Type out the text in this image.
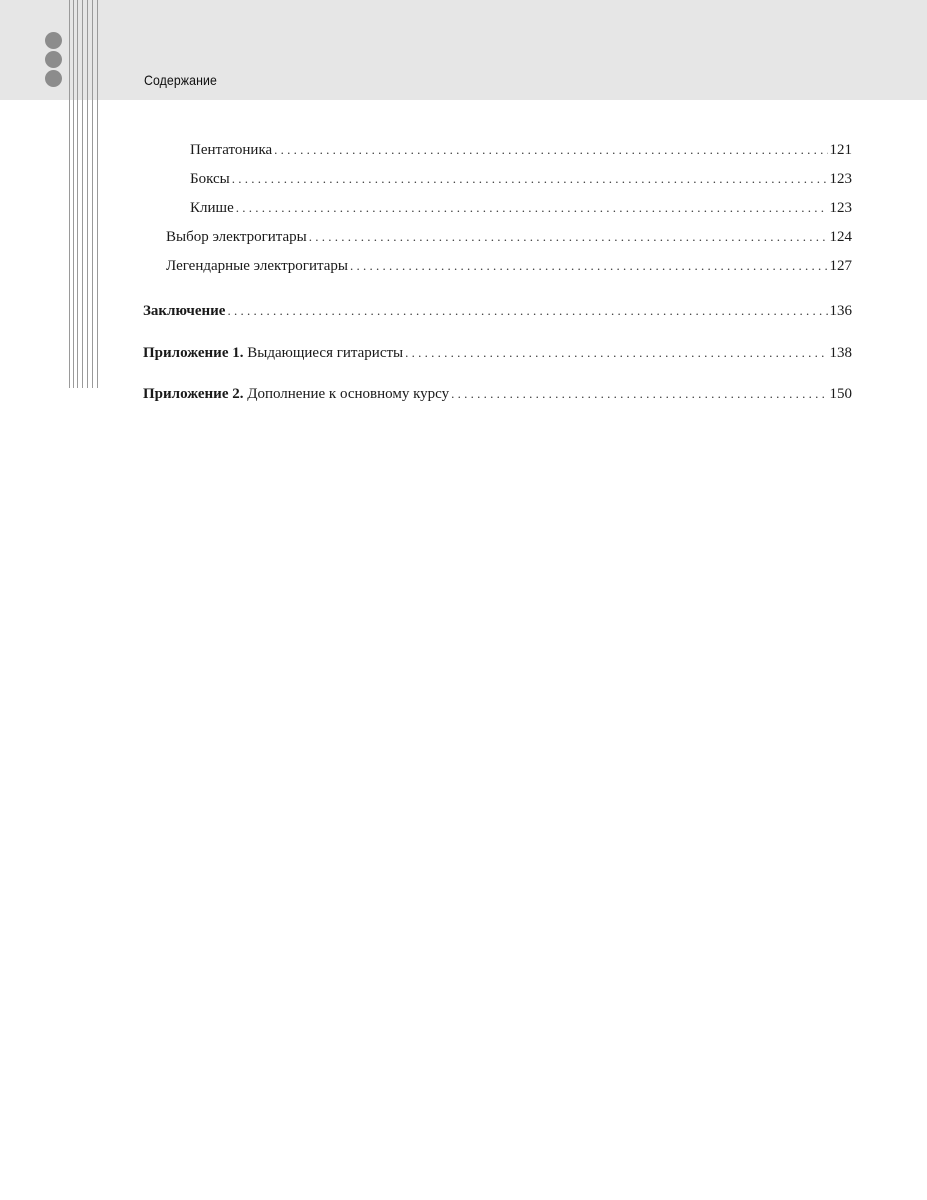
Содержание
Пентатоника . . .	121
Боксы . . .	123
Клише . . .	123
Выбор электрогитары . . .	124
Легендарные электрогитары . . .	127
Заключение . . .	136
Приложение 1. Выдающиеся гитаристы . . .	138
Приложение 2. Дополнение к основному курсу . . .	150
